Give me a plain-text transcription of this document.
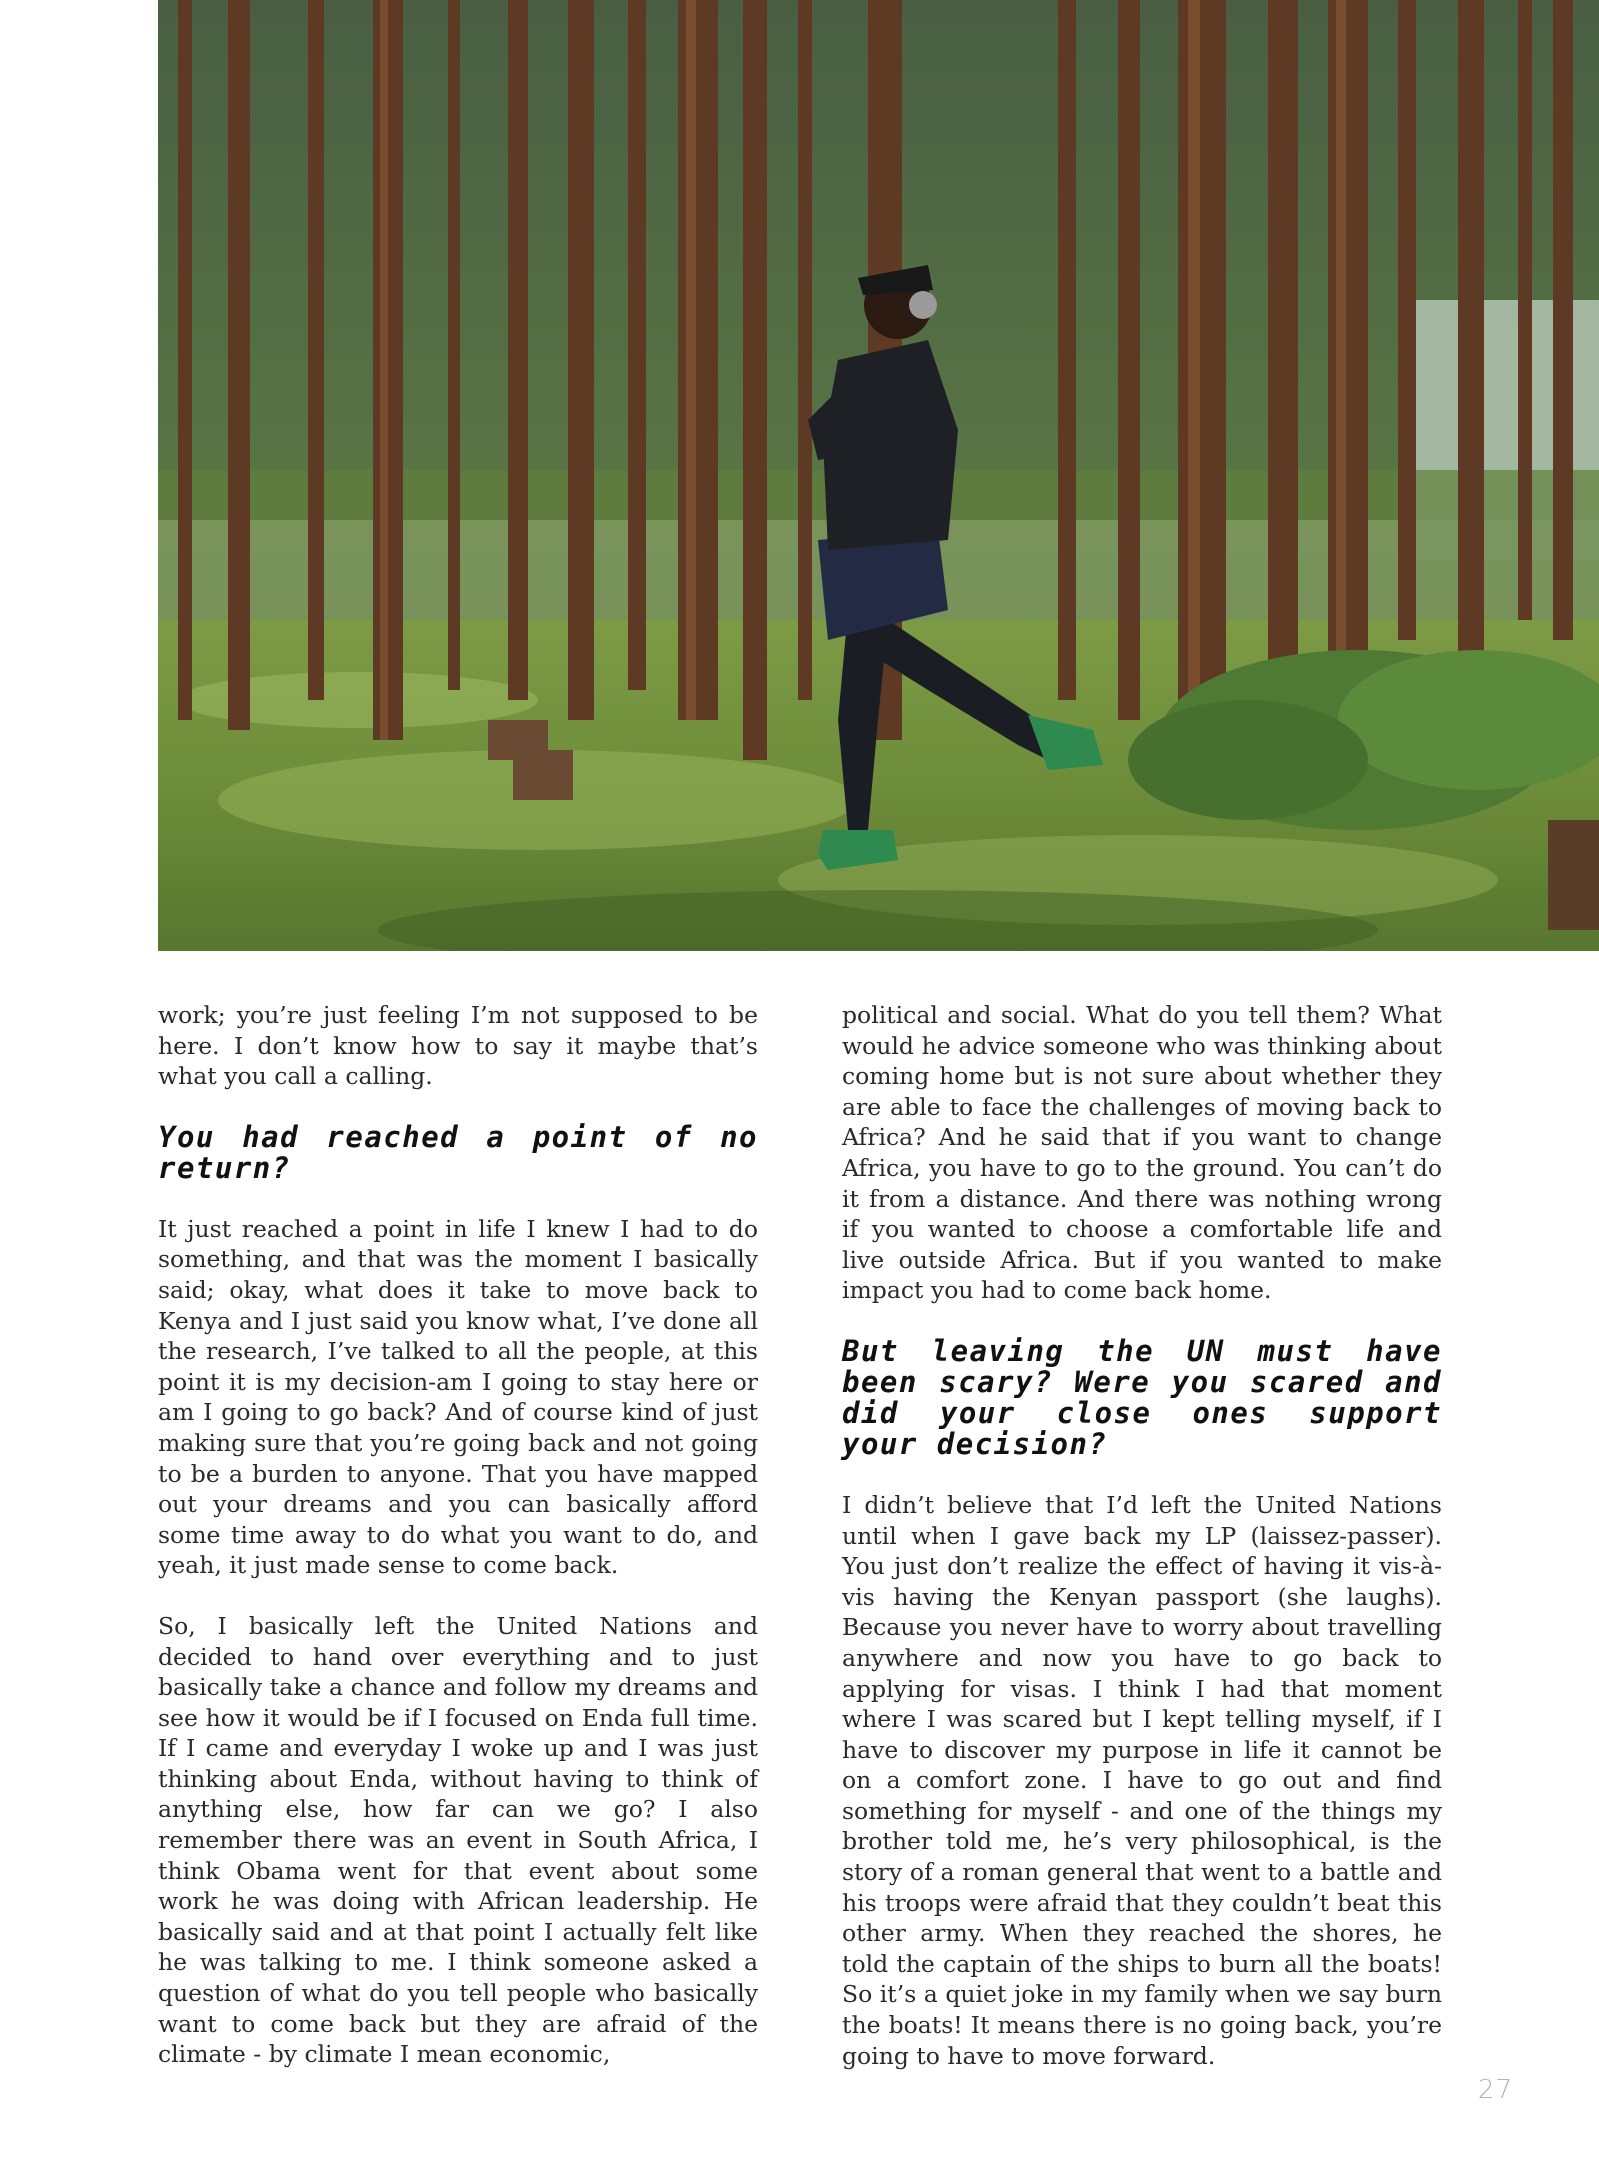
work; you’re just feeling I’m not supposed to be here. I don’t know how to say it maybe that’s what you call a calling.

You had reached a point of no return?

It just reached a point in life I knew I had to do something, and that was the moment I basically said; okay, what does it take to move back to Kenya and I just said you know what, I’ve done all the research, I’ve talked to all the people, at this point it is my decision-am I going to stay here or am I going to go back? And of course kind of just making sure that you’re going back and not going to be a burden to anyone. That you have mapped out your dreams and you can basically afford some time away to do what you want to do, and yeah, it just made sense to come back.

So, I basically left the United Nations and decided to hand over everything and to just basically take a chance and follow my dreams and see how it would be if I focused on Enda full time. If I came and everyday I woke up and I was just thinking about Enda, without having to think of anything else, how far can we go? I also remember there was an event in South Africa, I think Obama went for that event about some work he was doing with African leadership. He basically said and at that point I actually felt like he was talking to me. I think someone asked a question of what do you tell people who basically want to come back but they are afraid of the climate - by climate I mean economic,

political and social. What do you tell them? What would he advice someone who was thinking about coming home but is not sure about whether they are able to face the challenges of moving back to Africa? And he said that if you want to change Africa, you have to go to the ground. You can’t do it from a distance. And there was nothing wrong if you wanted to choose a comfortable life and live outside Africa. But if you wanted to make impact you had to come back home.

But leaving the UN must have been scary? Were you scared and did your close ones support your decision?

I didn’t believe that I’d left the United Nations until when I gave back my LP (laissez-passer). You just don’t realize the effect of having it vis-à-vis having the Kenyan passport (she laughs). Because you never have to worry about travelling anywhere and now you have to go back to applying for visas. I think I had that moment where I was scared but I kept telling myself, if I have to discover my purpose in life it cannot be on a comfort zone. I have to go out and find something for myself - and one of the things my brother told me, he’s very philosophical, is the story of a roman general that went to a battle and his troops were afraid that they couldn’t beat this other army. When they reached the shores, he told the captain of the ships to burn all the boats! So it’s a quiet joke in my family when we say burn the boats! It means there is no going back, you’re going to have to move forward.

27
